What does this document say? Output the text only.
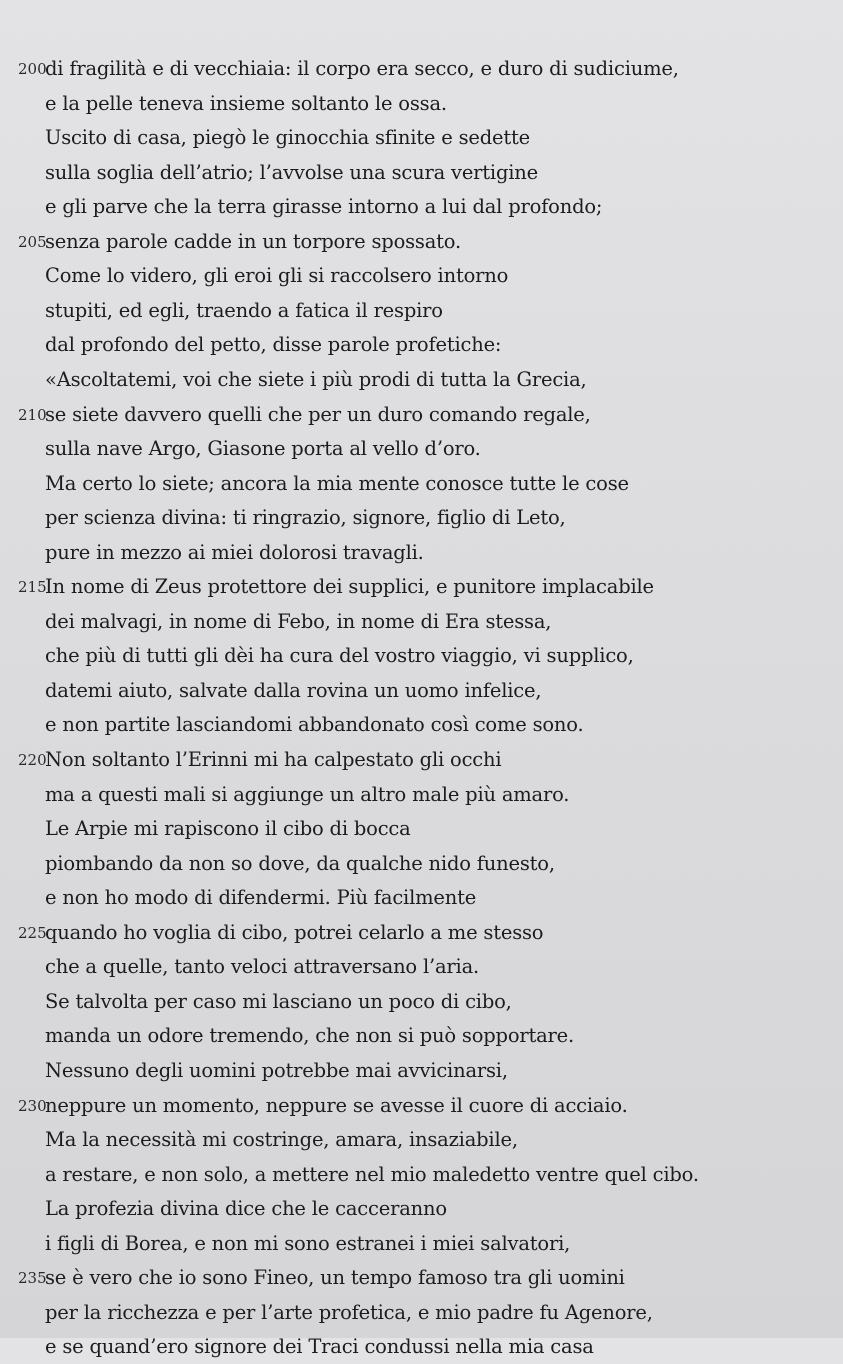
200
di fragilità e di vecchiaia: il corpo era secco, e duro di sudiciume,
e la pelle teneva insieme soltanto le ossa.
Uscito di casa, piegò le ginocchia sfinite e sedette
sulla soglia dell’atrio; l’avvolse una scura vertigine
e gli parve che la terra girasse intorno a lui dal profondo;
205
senza parole cadde in un torpore spossato.
Come lo videro, gli eroi gli si raccolsero intorno
stupiti, ed egli, traendo a fatica il respiro
dal profondo del petto, disse parole profetiche:
«Ascoltatemi, voi che siete i più prodi di tutta la Grecia,
210
se siete davvero quelli che per un duro comando regale,
sulla nave Argo, Giasone porta al vello d’oro.
Ma certo lo siete; ancora la mia mente conosce tutte le cose
per scienza divina: ti ringrazio, signore, figlio di Leto,
pure in mezzo ai miei dolorosi travagli.
215
In nome di Zeus protettore dei supplici, e punitore implacabile
dei malvagi, in nome di Febo, in nome di Era stessa,
che più di tutti gli dèi ha cura del vostro viaggio, vi supplico,
datemi aiuto, salvate dalla rovina un uomo infelice,
e non partite lasciandomi abbandonato così come sono.
220
Non soltanto l’Erinni mi ha calpestato gli occhi
ma a questi mali si aggiunge un altro male più amaro.
Le Arpie mi rapiscono il cibo di bocca
piombando da non so dove, da qualche nido funesto,
e non ho modo di difendermi. Più facilmente
225
quando ho voglia di cibo, potrei celarlo a me stesso
che a quelle, tanto veloci attraversano l’aria.
Se talvolta per caso mi lasciano un poco di cibo,
manda un odore tremendo, che non si può sopportare.
Nessuno degli uomini potrebbe mai avvicinarsi,
230
neppure un momento, neppure se avesse il cuore di acciaio.
Ma la necessità mi costringe, amara, insaziabile,
a restare, e non solo, a mettere nel mio maledetto ventre quel cibo.
La profezia divina dice che le cacceranno
i figli di Borea, e non mi sono estranei i miei salvatori,
235
se è vero che io sono Fineo, un tempo famoso tra gli uomini
per la ricchezza e per l’arte profetica, e mio padre fu Agenore,
e se quand’ero signore dei Traci condussi nella mia casa
